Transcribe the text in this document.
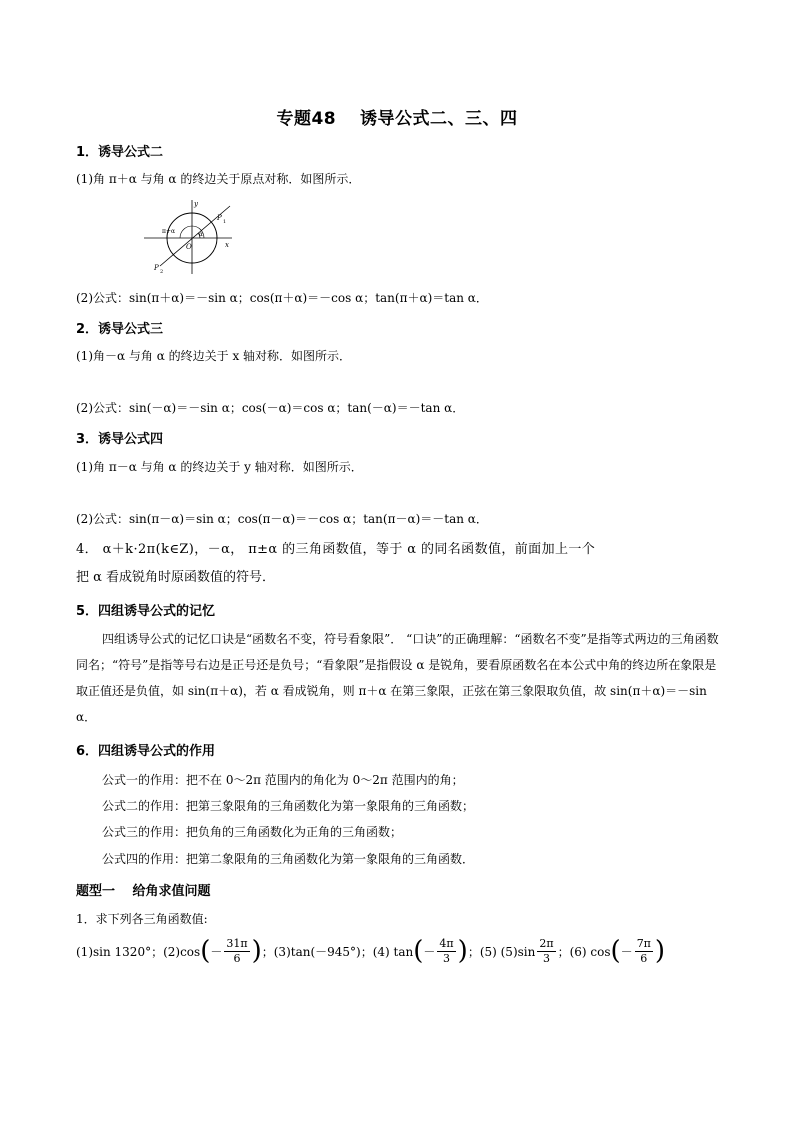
专题48　 诱导公式二、三、四
1．诱导公式二
(1)角 π＋α 与角 α 的终边关于原点对称．如图所示．
y
x
O
P 1
P 2
π+α	α
(2)公式：sin(π＋α)＝－sin α；cos(π＋α)＝－cos α；tan(π＋α)＝tan α．
2．诱导公式三
(1)角－α 与角 α 的终边关于 x 轴对称．如图所示．
(2)公式：sin(－α)＝－sin α；cos(－α)＝cos α；tan(－α)＝－tan α．
3．诱导公式四
(1)角 π－α 与角 α 的终边关于 y 轴对称．如图所示．
(2)公式：sin(π－α)＝sin α；cos(π－α)＝－cos α；tan(π－α)＝－tan α．
4． α＋k·2π(k∈Z)，－α， π±α 的三角函数值，等于 α 的同名函数值，前面加上一个
把 α 看成锐角时原函数值的符号．
5．四组诱导公式的记忆
四组诱导公式的记忆口诀是“函数名不变，符号看象限”． “口诀”的正确理解：“函数名不变”是指等式两边的三角函数同名；“符号”是指等号右边是正号还是负号；“看象限”是指假设 α 是锐角，要看原函数名在本公式中角的终边所在象限是取正值还是负值，如 sin(π＋α)，若 α 看成锐角，则 π＋α 在第三象限，正弦在第三象限取负值，故 sin(π＋α)＝－sin α．
6．四组诱导公式的作用
公式一的作用：把不在 0～2π 范围内的角化为 0～2π 范围内的角；
公式二的作用：把第三象限角的三角函数化为第一象限角的三角函数；
公式三的作用：把负角的三角函数化为正角的三角函数；
公式四的作用：把第二象限角的三角函数化为第一象限角的三角函数．
题型一　 给角求值问题
1．求下列各三角函数值:
(1)sin 1320°；(2)cos ( － $\frac{31\pi}{6}$ ) ；(3)tan(－945°)；(4) tan ( － $\frac{4\pi}{3}$ ) ；(5) $(5)\sin \frac{2\pi}{3}$ ；(6) cos ( － $\frac{7\pi}{6}$ )
